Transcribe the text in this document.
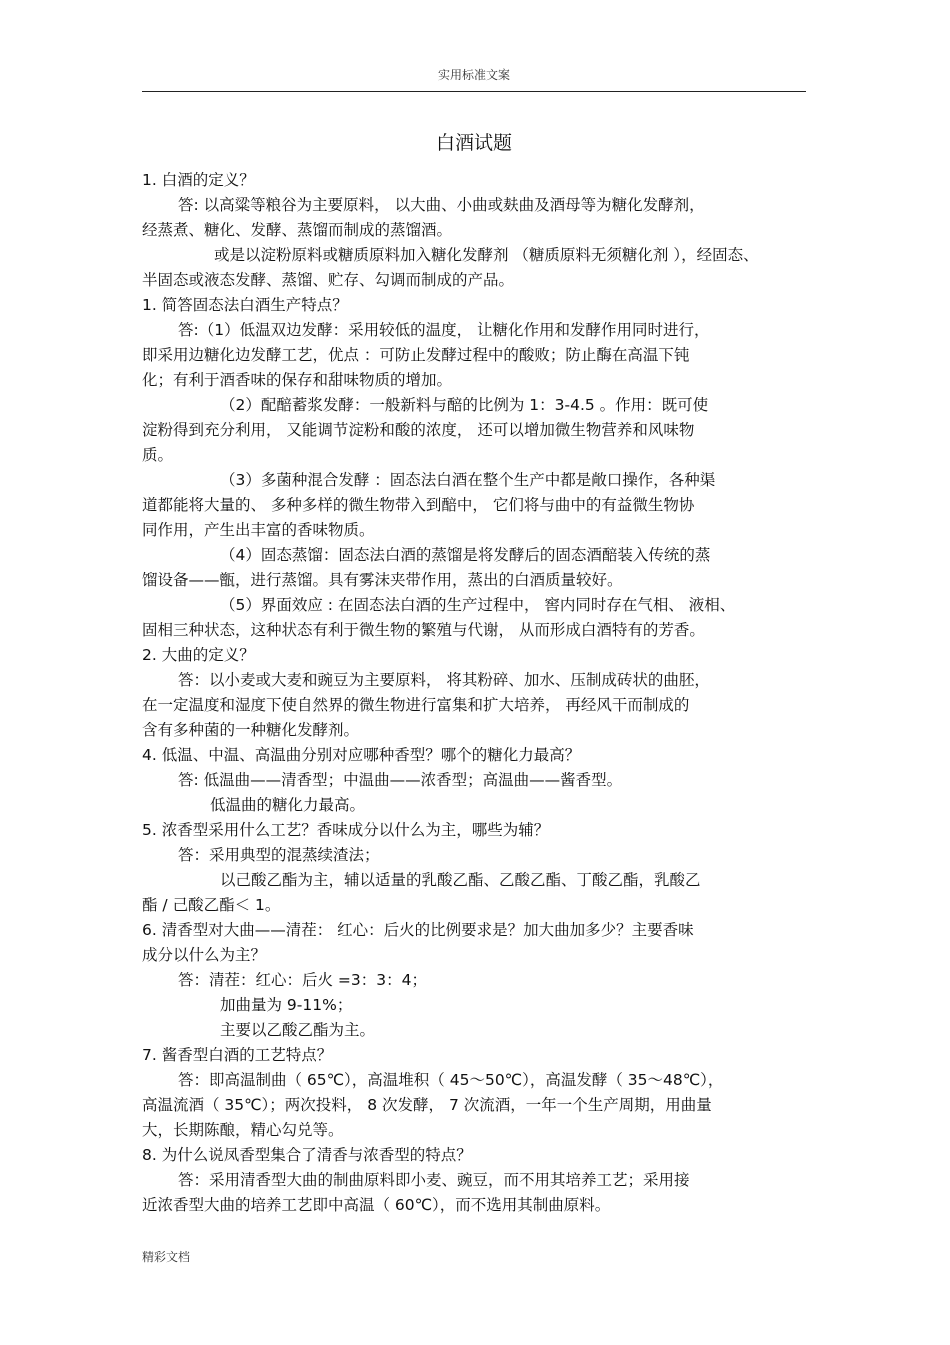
实用标准文案
白酒试题

1. 白酒的定义？

答: 以高粱等粮谷为主要原料， 以大曲、小曲或麸曲及酒母等为糖化发酵剂，

经蒸煮、糖化、发酵、蒸馏而制成的蒸馏酒。

或是以淀粉原料或糖质原料加入糖化发酵剂 （糖质原料无须糖化剂 ），经固态、

半固态或液态发酵、蒸馏、贮存、勾调而制成的产品。

1. 简答固态法白酒生产特点？

答:（1）低温双边发酵：采用较低的温度， 让糖化作用和发酵作用同时进行，

即采用边糖化边发酵工艺，优点 ：可防止发酵过程中的酸败；防止酶在高温下钝

化；有利于酒香味的保存和甜味物质的增加。

（2）配醅蓄浆发酵：一般新料与醅的比例为 1：3-4.5 。作用：既可使

淀粉得到充分利用， 又能调节淀粉和酸的浓度， 还可以增加微生物营养和风味物

质。

（3）多菌种混合发酵 ：固态法白酒在整个生产中都是敞口操作，各种渠

道都能将大量的、 多种多样的微生物带入到醅中， 它们将与曲中的有益微生物协

同作用，产生出丰富的香味物质。

（4）固态蒸馏：固态法白酒的蒸馏是将发酵后的固态酒醅装入传统的蒸

馏设备——甑，进行蒸馏。具有雾沫夹带作用，蒸出的白酒质量较好。

（5）界面效应 : 在固态法白酒的生产过程中， 窖内同时存在气相、 液相、

固相三种状态，这种状态有利于微生物的繁殖与代谢， 从而形成白酒特有的芳香。

2. 大曲的定义？

答：以小麦或大麦和豌豆为主要原料， 将其粉碎、加水、压制成砖状的曲胚，

在一定温度和湿度下使自然界的微生物进行富集和扩大培养， 再经风干而制成的

含有多种菌的一种糖化发酵剂。

4. 低温、中温、高温曲分别对应哪种香型？哪个的糖化力最高？

答: 低温曲——清香型；中温曲——浓香型；高温曲——酱香型。

低温曲的糖化力最高。

5. 浓香型采用什么工艺？香味成分以什么为主，哪些为辅？

答：采用典型的混蒸续渣法；

以己酸乙酯为主，辅以适量的乳酸乙酯、乙酸乙酯、丁酸乙酯，乳酸乙

酯 / 己酸乙酯＜ 1。

6. 清香型对大曲——清茬： 红心：后火的比例要求是？加大曲加多少？主要香味

成分以什么为主？

答：清茬：红心：后火 =3：3：4；

加曲量为 9-11%；

主要以乙酸乙酯为主。

7. 酱香型白酒的工艺特点？

答：即高温制曲（ 65℃），高温堆积（ 45～50℃），高温发酵（ 35～48℃），

高温流酒（ 35℃）；两次投料， 8 次发酵， 7 次流酒，一年一个生产周期，用曲量

大，长期陈酿，精心勾兑等。

8. 为什么说凤香型集合了清香与浓香型的特点？

答：采用清香型大曲的制曲原料即小麦、豌豆，而不用其培养工艺；采用接

近浓香型大曲的培养工艺即中高温（ 60℃），而不选用其制曲原料。

精彩文档
